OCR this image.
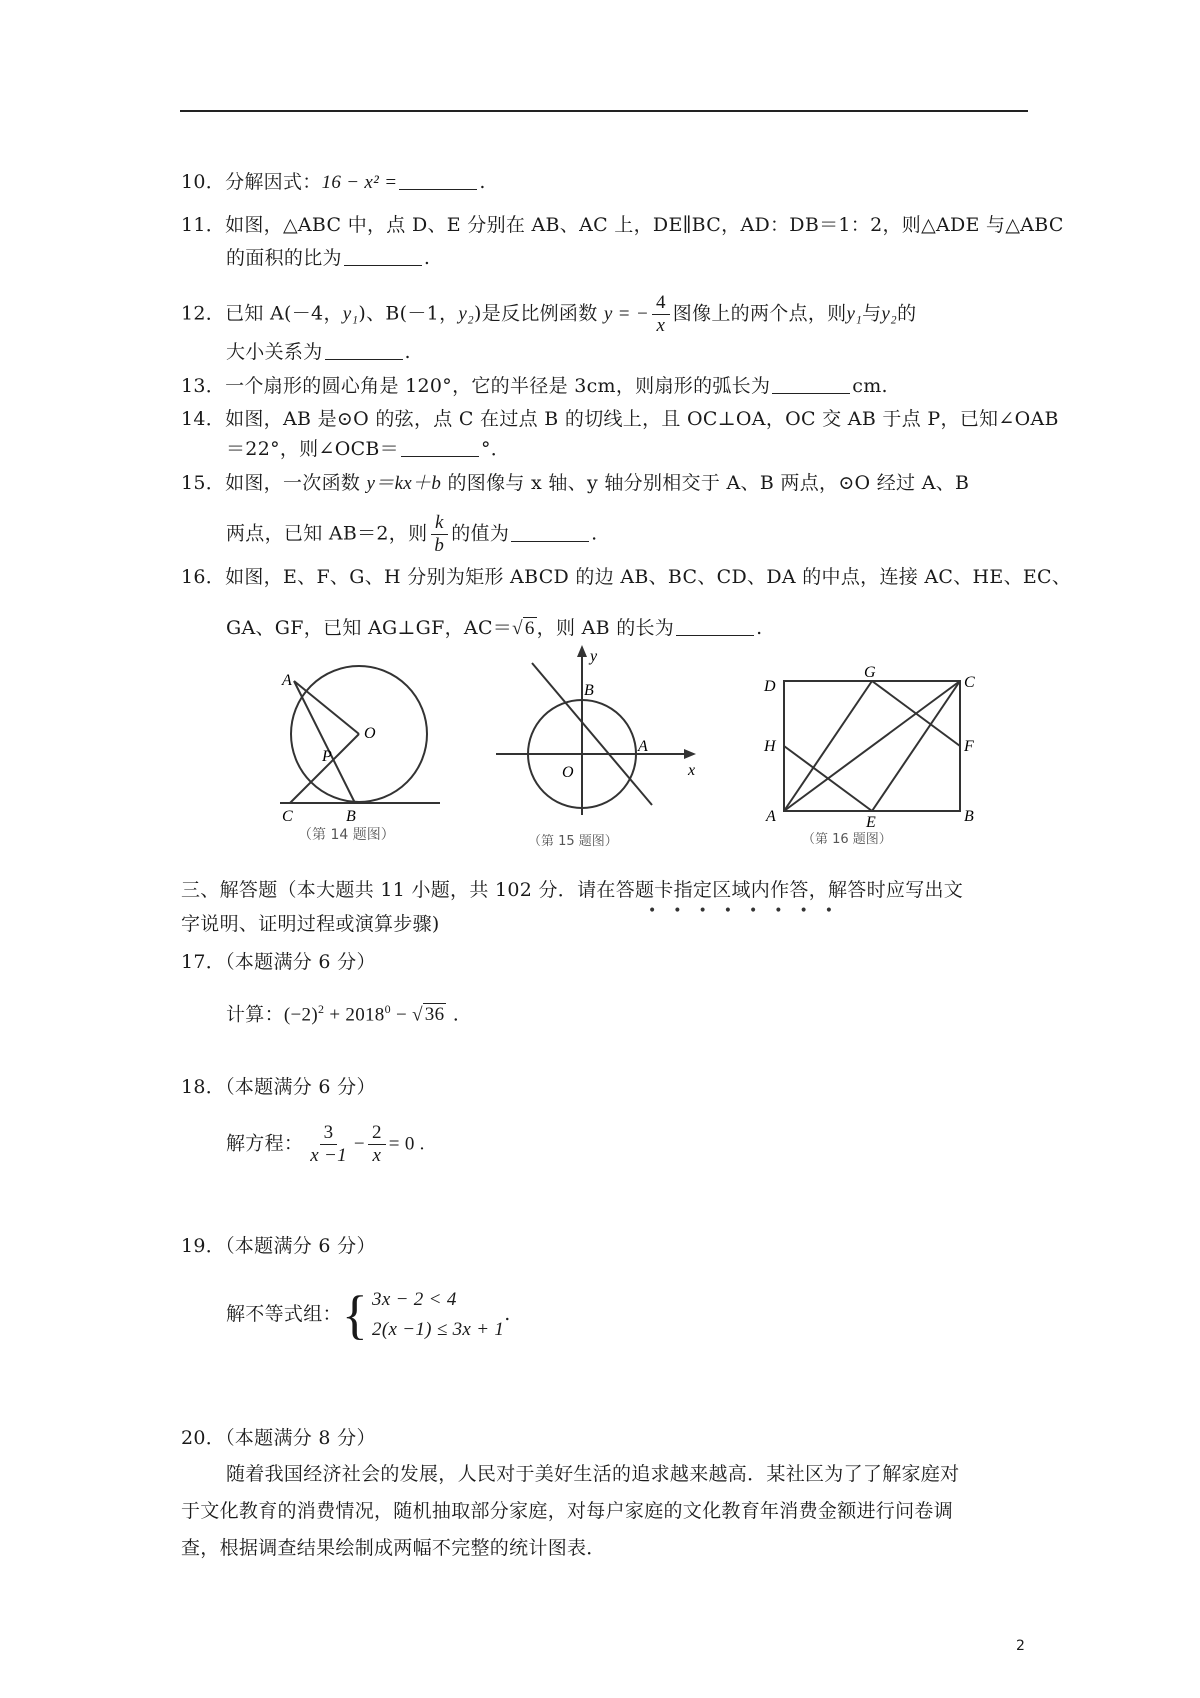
10．分解因式：16 − x² =	.
11．如图，△ABC 中，点 D、E 分别在 AB、AC 上，DE∥BC，AD：DB＝1：2，则△ADE 与△ABC
的面积的比为	.
12．已知 A(－4，y₁)、B(－1，y₂)是反比例函数 y = − $\frac{4}{x}$ 图像上的两个点，则y₁与y₂的
大小关系为	.
13．一个扇形的圆心角是 120°，它的半径是 3cm，则扇形的弧长为	cm.
14．如图，AB 是⊙O 的弦，点 C 在过点 B 的切线上，且 OC⊥OA，OC 交 AB 于点 P，已知∠OAB
＝22°，则∠OCB＝	°．
15．如图，一次函数 y＝kx＋b 的图像与 x 轴、y 轴分别相交于 A、B 两点，⊙O 经过 A、B
两点，已知 AB＝2，则 $\frac{k}{b}$ 的值为	.
16．如图，E、F、G、H 分别为矩形 ABCD 的边 AB、BC、CD、DA 的中点，连接 AC、HE、EC、
GA、GF，已知 AG⊥GF，AC＝√ 6 ，则 AB 的长为	.
A
O
P
C	B
（第 14 题图）
y
B
O
A
x
（第 15 题图）
D
G
C
H	F
A	E	B
（第 16 题图）
三、解答题（本大题共 11 小题，共 102 分．请在答题卡指定区域内作答，解答时应写出文
••••••••
字说明、证明过程或演算步骤)
17．（本题满分 6 分）
计算：$(-2)^2 + 2018^0$ − √ 36 .
18．（本题满分 6 分）
解方程： $\frac{3}{x -1} - \frac{2}{x} = 0$ .
19．（本题满分 6 分）
解不等式组： { 3x − 2 < 4
2(x −1) ≤ 3x + 1
.
20．（本题满分 8 分）
随着我国经济社会的发展，人民对于美好生活的追求越来越高．某社区为了了解家庭对
于文化教育的消费情况，随机抽取部分家庭，对每户家庭的文化教育年消费金额进行问卷调
查，根据调查结果绘制成两幅不完整的统计图表．
2
